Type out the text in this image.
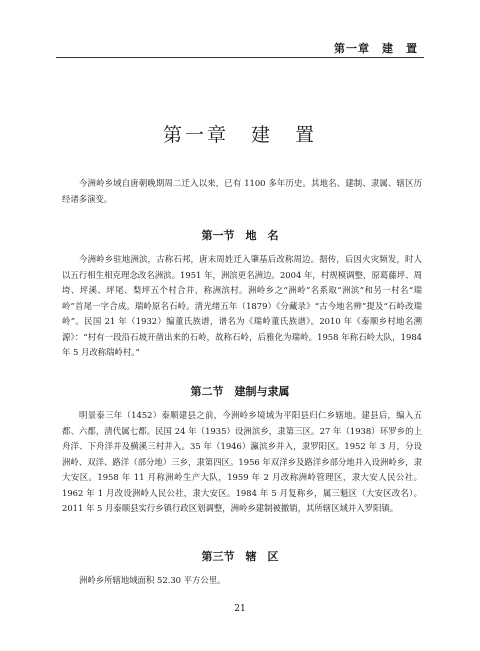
第一章　建　置
第一章　建　置

今洲岭乡域自唐朝晚期周二迁入以来，已有 1100 多年历史。其地名、建制、隶属、辖区历经诸多演变。

第一节　地　名

今洲岭乡驻地洲滨，古称石邦，唐末周姓迁入肇基后改称周边。据传，后因火灾频发，时人以五行相生相克理念改名洲滨。1951 年，洲滨更名洲边。2004 年，村规模调整，原葛藤坪、周垮、坪溪、坪尾、梨坪五个村合并，称洲滨村。洲岭乡之“洲岭”名系取“洲滨”和另一村名“瑞岭”首尾一字合成。瑞岭原名石岭。清光绪五年（1879）《分藏录》“古今地名辨”提及“石岭改瑞岭”。民国 21 年（1932）编董氏族谱，谱名为《瑞岭董氏族谱》。2010 年《泰顺乡村地名溯源》：“村有一段沿石坡开凿出来的石岭，故称石岭，后雅化为瑞岭。1958 年称石岭大队，1984 年 5 月改称瑞岭村。”

第二节　建制与隶属

明景泰三年（1452）泰顺建县之前，今洲岭乡境域为平阳县归仁乡辖地。建县后，编入五都、六都，清代属七都。民国 24 年（1935）设洲滨乡，隶第三区。27 年（1938）环罗乡的上舟洋、下舟洋并及横溪三村并入。35 年（1946）瀛滨乡并入，隶罗阳区。1952 年 3 月，分设洲岭、双洋、路洋（部分地）三乡，隶第四区。1956 年双洋乡及路洋乡部分地并入设洲岭乡，隶大安区。1958 年 11 月称洲岭生产大队，1959 年 2 月改称洲岭管理区，隶大安人民公社。1962 年 1 月改设洲岭人民公社，隶大安区。1984 年 5 月复称乡，属三魁区（大安区改名）。2011 年 5 月泰顺县实行乡镇行政区划调整，洲岭乡建制被撤销，其所辖区域并入罗阳镇。

第三节　辖　区

洲岭乡所辖地域面积 52.30 平方公里。

21
